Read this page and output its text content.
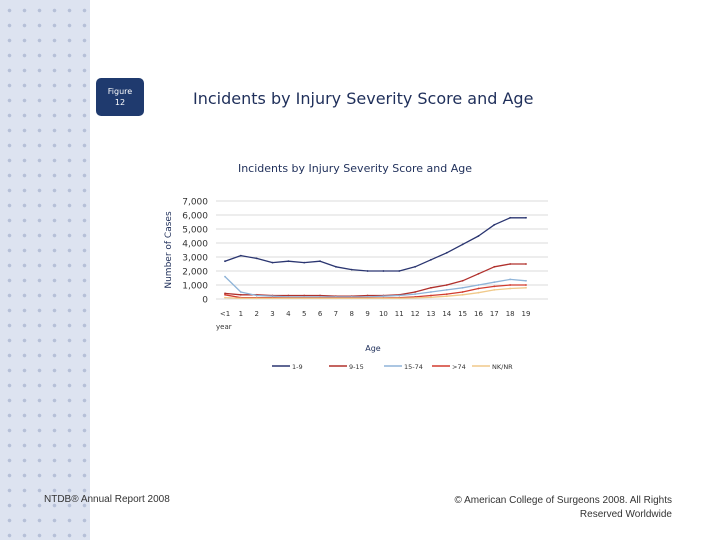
Figure
12	Incidents by Injury Severity Score and Age
Incidents by Injury Severity Score and Age
Number of Cases
year
Age
0
1,000
2,000
3,000
4,000
5,000
6,000
7,000
<1 1 2 3 4 5 6 7 8 9 10 11 12 13 14 15 16 17 18 19
1-9	9-15	15-74	>74	NK/NR
NTDB® Annual Report 2008	© American College of Surgeons 2008. All Rights Reserved Worldwide
